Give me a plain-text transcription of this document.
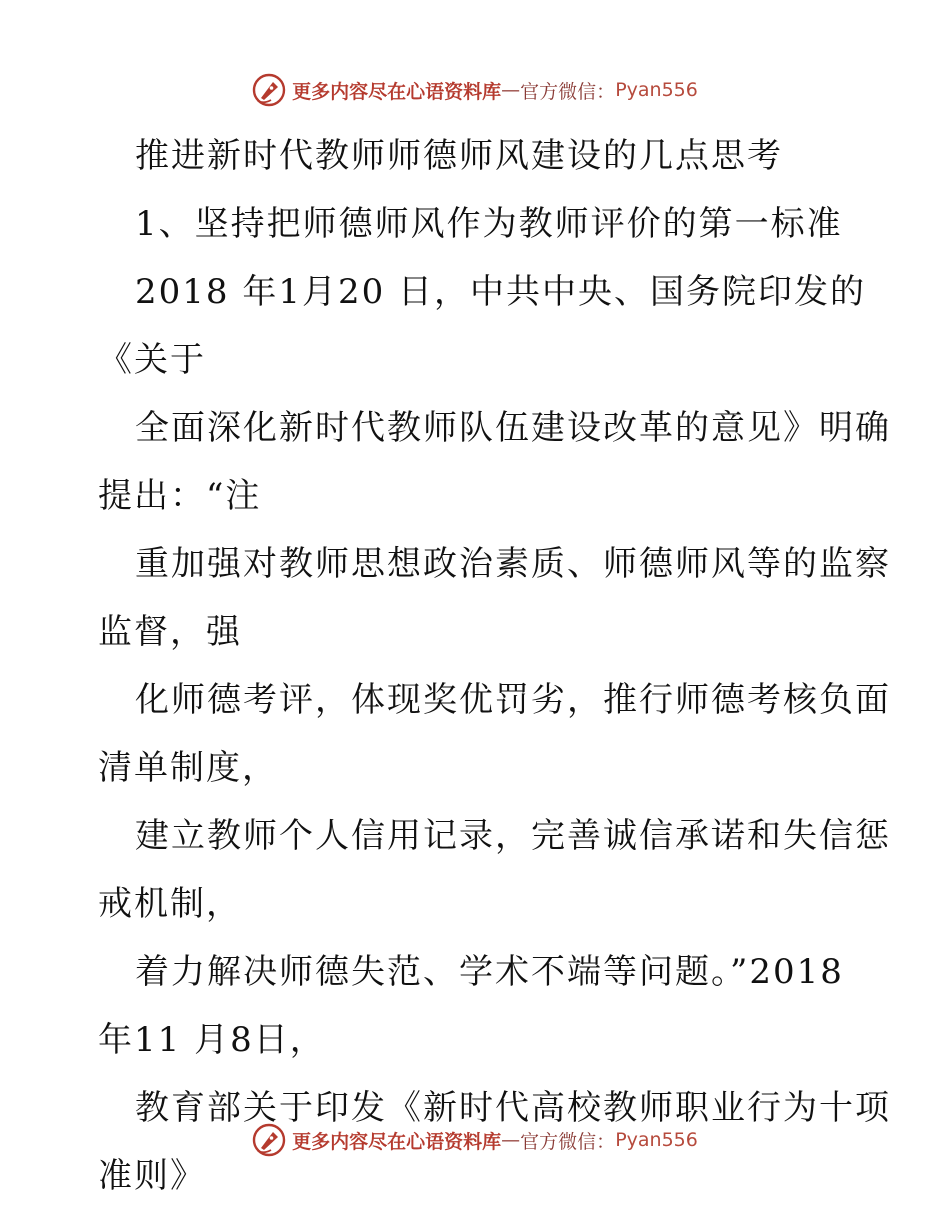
更多内容尽在心语资料库 — 官方微信： Pyan556
推进新时代教师师德师风建设的几点思考
1、坚持把师德师风作为教师评价的第一标准
2018 年1月20 日，中共中央、国务院印发的
《关于
全面深化新时代教师队伍建设改革的意见》明确
提出：“注
重加强对教师思想政治素质、师德师风等的监察
监督，强
化师德考评，体现奖优罚劣，推行师德考核负面
清单制度，
建立教师个人信用记录，完善诚信承诺和失信惩
戒机制，
着力解决师德失范、学术不端等问题。”2018
年11 月8日，
教育部关于印发《新时代高校教师职业行为十项
准则》
更多内容尽在心语资料库 — 官方微信： Pyan556
